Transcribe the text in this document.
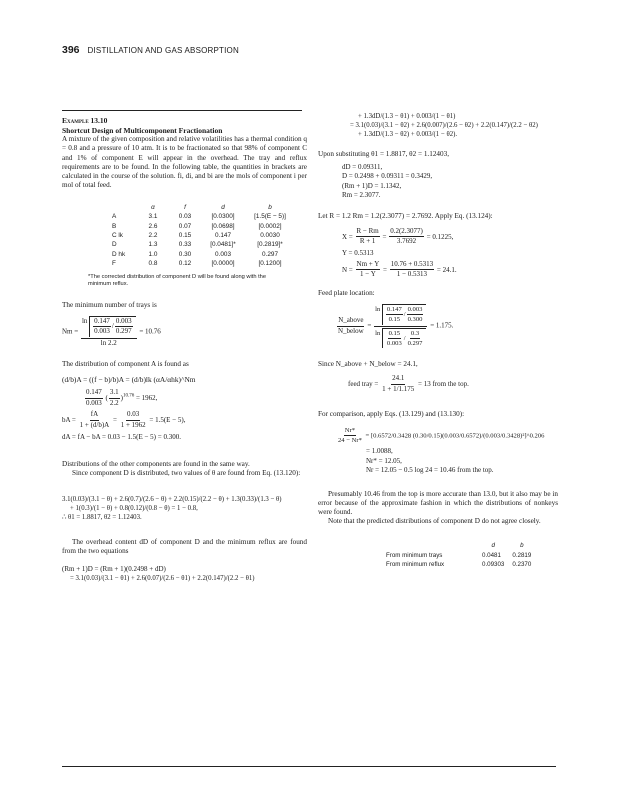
396 DISTILLATION AND GAS ABSORPTION
Example 13.10
Shortcut Design of Multicomponent Fractionation

A mixture of the given composition and relative volatilities has a thermal condition q = 0.8 and a pressure of 10 atm. It is to be fractionated so that 98% of component C and 1% of component E will appear in the overhead. The tray and reflux requirements are to be found. In the following table, the quantities in brackets are calculated in the course of the solution. fi, di, and bi are the mols of component i per mol of total feed.

	α	f	d	b
A	3.1	0.03	[0.0300]	[1.5(E − 5)]
B	2.6	0.07	[0.0698]	[0.0002]
C lk	2.2	0.15	0.147	0.0030
D	1.3	0.33	[0.0481]*	[0.2819]*
D hk	1.0	0.30	0.003	0.297
F	0.8	0.12	[0.0000]	[0.1200]
*The corrected distribution of component D will be found along with the minimum reflux.

The minimum number of trays is

Nm =
$\ln \frac{0.147}{0.003} / \frac{0.003}{0.297}$
ln 2.2
= 10.76

The distribution of component A is found as

(d/b)A = ((f − b)/b)A = (d/b)lk (αA/αhk)^Nm
$\frac{0.147}{0.003}$ ( $\frac{3.1}{2.2} )^{10.76} = 1962$,
bA = $\frac{fA}{1 + (d/b)A} = \frac{0.03}{1 + 1962} = 1.5(E - 5)$,
dA = fA − bA = 0.03 − 1.5(E − 5) = 0.300.

Distributions of the other components are found in the same way.

Since component D is distributed, two values of θ are found from Eq. (13.120):

3.1(0.03)/(3.1 − θ) + 2.6(0.7)/(2.6 − θ) + 2.2(0.15)/(2.2 − θ) + 1.3(0.33)/(1.3 − θ)
+ 1(0.3)/(1 − θ) + 0.8(0.12)/(0.8 − θ) = 1 − 0.8,
∴ θ1 = 1.8817, θ2 = 1.12403.

The overhead content dD of component D and the minimum reflux are found from the two equations

(Rm + 1)D = (Rm + 1)(0.2498 + dD)
= 3.1(0.03)/(3.1 − θ1) + 2.6(0.07)/(2.6 − θ1) + 2.2(0.147)/(2.2 − θ1)
+ 1.3dD/(1.3 − θ1) + 0.003/(1 − θ1)
= 3.1(0.03)/(3.1 − θ2) + 2.6(0.007)/(2.6 − θ2) + 2.2(0.147)/(2.2 − θ2)
+ 1.3dD/(1.3 − θ2) + 0.003/(1 − θ2).

Upon substituting θ1 = 1.8817, θ2 = 1.12403,

dD = 0.09311,
D = 0.2498 + 0.09311 = 0.3429,
(Rm + 1)D = 1.1342,
Rm = 2.3077.

Let R = 1.2 Rm = 1.2(2.3077) = 2.7692. Apply Eq. (13.124):

$X = \frac{R - Rm}{R + 1} = \frac{0.2(2.3077)}{3.7692} = 0.1225$,
Y = 0.5313
$N = \frac{Nm + Y}{1 - Y} = \frac{10.76 + 0.5313}{1 - 0.5313} = 24.1$.

Feed plate location:

$\frac{\text{N\_above}}{\text{N\_below}}$ =
$\ln \frac{0.147}{0.15} / \frac{0.003}{0.300}$
$\ln \frac{0.15}{0.003} / \frac{0.3}{0.297}$
= 1.175.

Since N_above + N_below = 24.1,

feed tray = $\frac{24.1}{1 + 1/1.175} = 13$ from the top.

For comparison, apply Eqs. (13.129) and (13.130):

$\frac{Nr*}{24 - Nr*} = [0.6572/0.3428$ (0.30/0.15)(0.003/0.6572)/(0.003/0.3428)²]^0.206
= 1.0088,
Nr* = 12.05,
Nr = 12.05 − 0.5 log 24 = 10.46 from the top.

Presumably 10.46 from the top is more accurate than 13.0, but it also may be in error because of the approximate fashion in which the distributions of nonkeys were found.

Note that the predicted distributions of component D do not agree closely.

	d	b
From minimum trays	0.0481	0.2819
From minimum reflux	0.09303	0.2370
